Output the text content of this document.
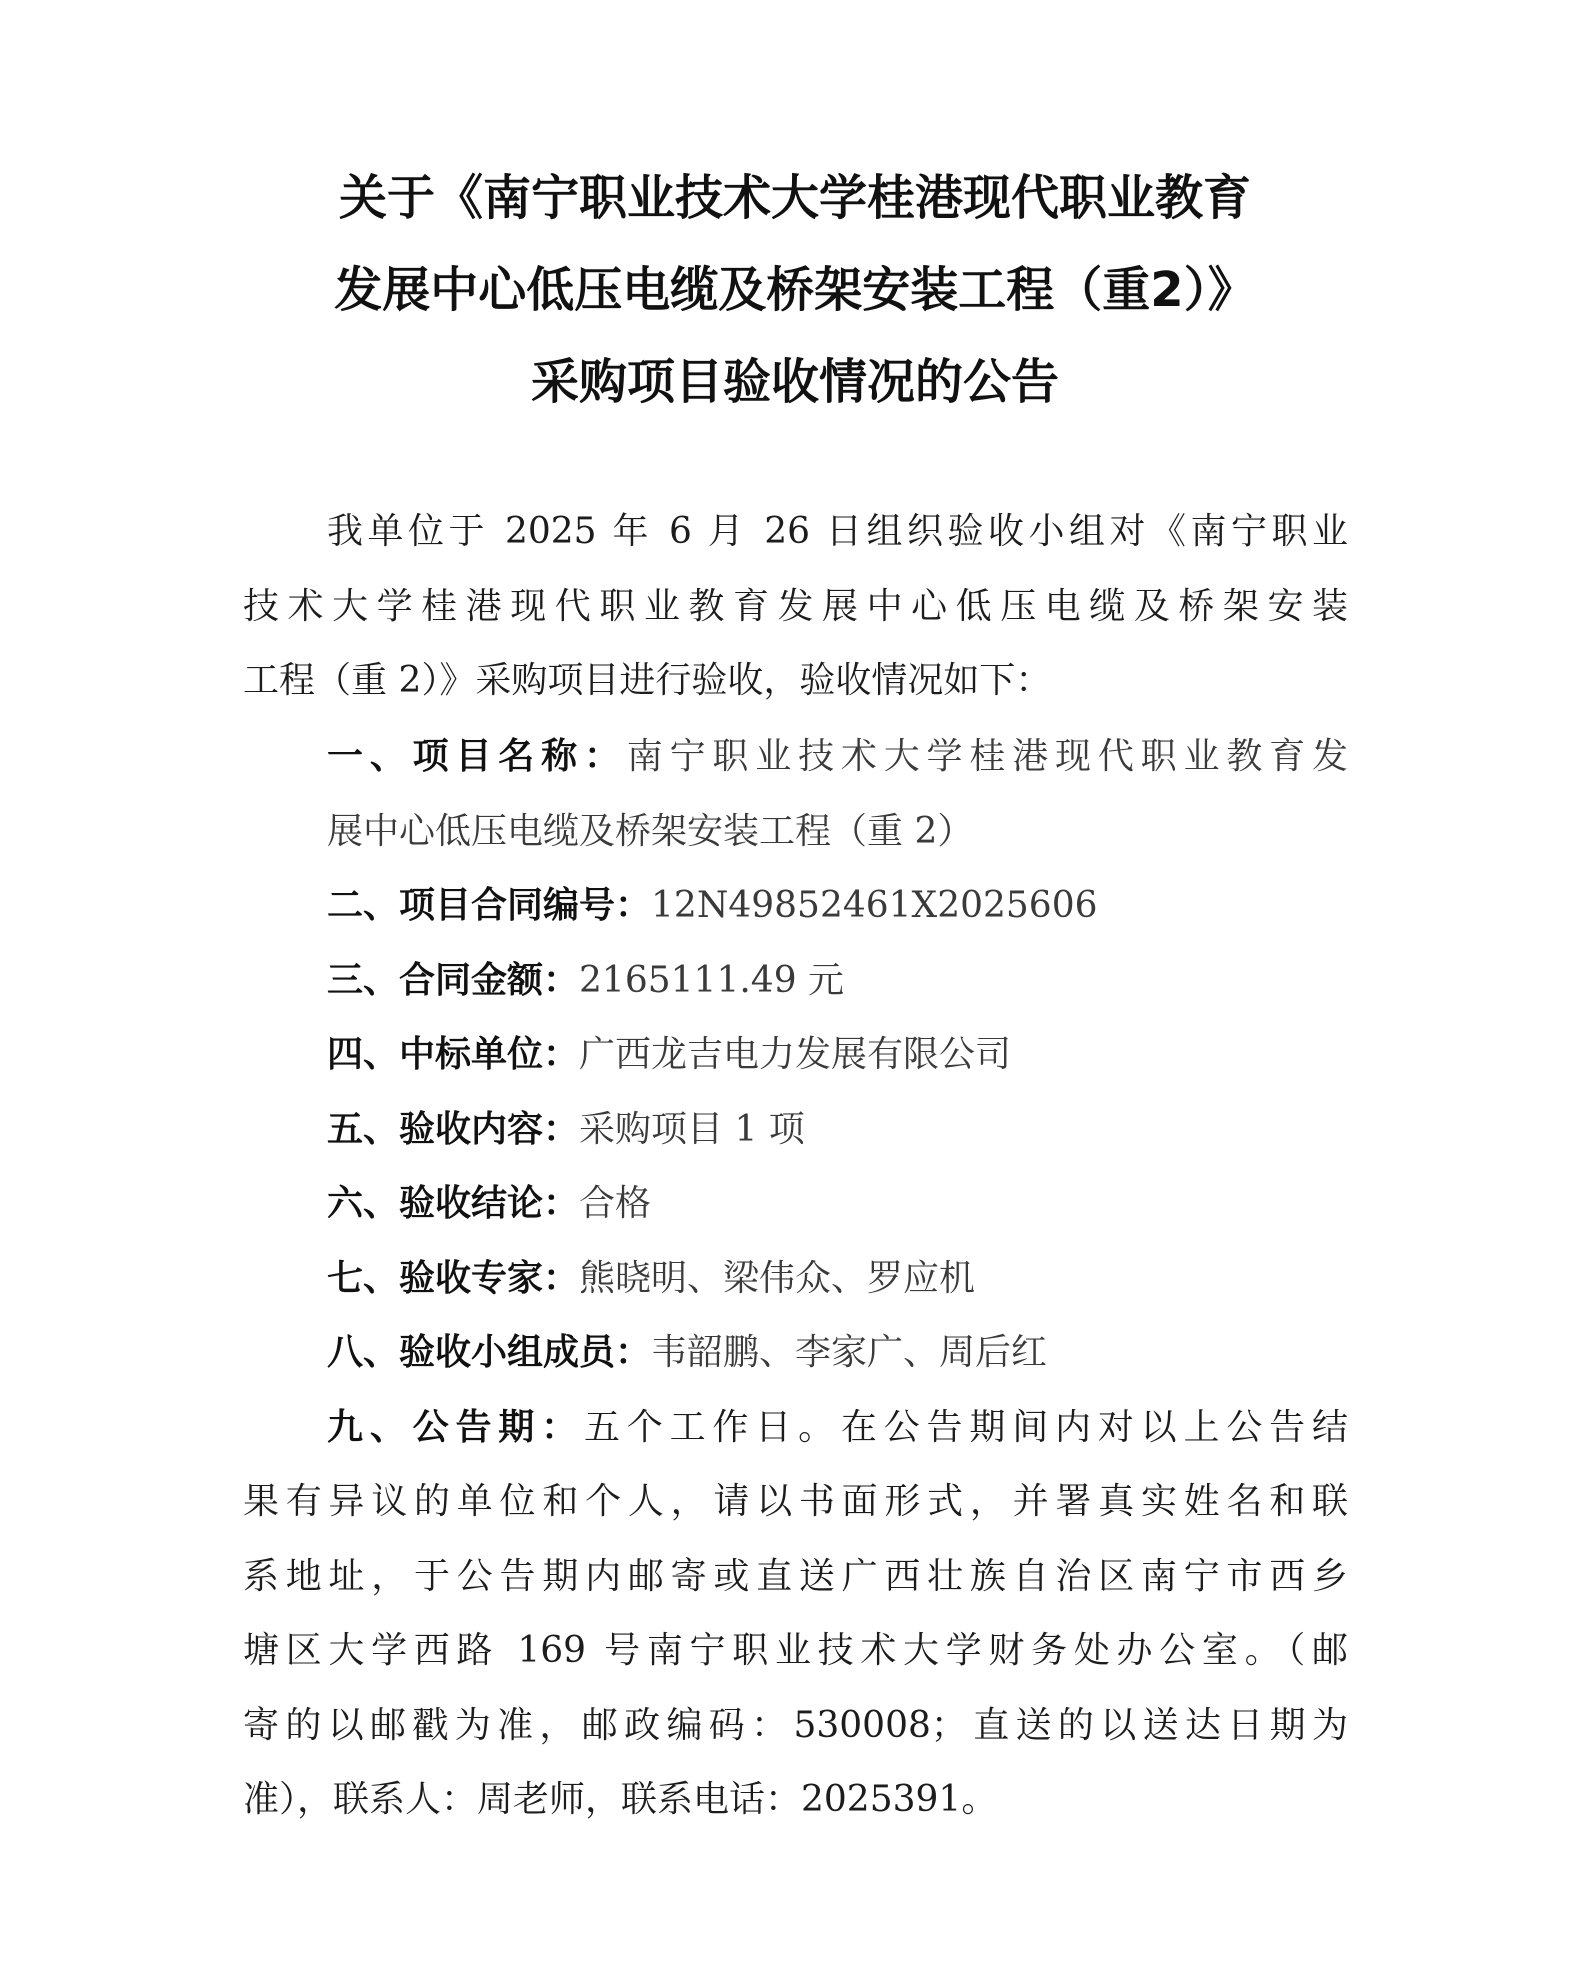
关于《南宁职业技术大学桂港现代职业教育
发展中心低压电缆及桥架安装工程（重2）》
采购项目验收情况的公告

我单位于 2025 年 6 月 26 日组织验收小组对《南宁职业
技术大学桂港现代职业教育发展中心低压电缆及桥架安装
工程（重 2）》采购项目进行验收，验收情况如下：

一、项目名称：南宁职业技术大学桂港现代职业教育发
展中心低压电缆及桥架安装工程（重 2）
二、项目合同编号：12N49852461X2025606
三、合同金额：2165111.49 元
四、中标单位：广西龙吉电力发展有限公司
五、验收内容：采购项目 1 项
六、验收结论：合格
七、验收专家：熊晓明、梁伟众、罗应机
八、验收小组成员：韦韶鹏、李家广、周后红
九、公告期：五个工作日。在公告期间内对以上公告结
果有异议的单位和个人，请以书面形式，并署真实姓名和联
系地址，于公告期内邮寄或直送广西壮族自治区南宁市西乡
塘区大学西路 169 号南宁职业技术大学财务处办公室。（邮
寄的以邮戳为准，邮政编码：530008；直送的以送达日期为
准），联系人：周老师，联系电话：2025391。
